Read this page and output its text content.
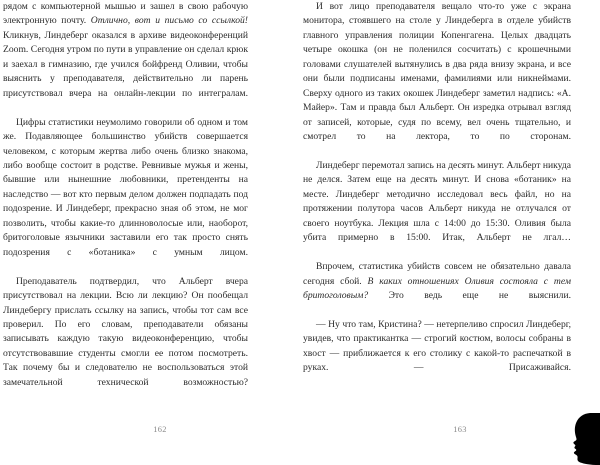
рядом с компьютерной мышью и зашел в свою рабочую электронную почту. Отлично, вот и письмо со ссылкой! Кликнув, Линдеберг оказался в архиве видеоконференций Zoom. Сегодня утром по пути в управление он сделал крюк и заехал в гимназию, где учился бойфренд Оливии, чтобы выяснить у преподавателя, действительно ли парень присутствовал вчера на онлайн-лекции по интегралам.

Цифры статистики неумолимо говорили об одном и том же. Подавляющее большинство убийств совершается человеком, с которым жертва либо очень близко знакома, либо вообще состоит в родстве. Ревнивые мужья и жены, бывшие или нынешние любовники, претенденты на наследство — вот кто первым делом должен подпадать под подозрение. И Линдеберг, прекрасно зная об этом, не мог позволить, чтобы какие-то длинноволосые или, наоборот, бритоголовые язычники заставили его так просто снять подозрения с «ботаника» с умным лицом.

Преподаватель подтвердил, что Альберт вчера присутствовал на лекции. Всю ли лекцию? Он пообещал Линдебергу прислать ссылку на запись, чтобы тот сам все проверил. По его словам, преподаватели обязаны записывать каждую такую видеоконференцию, чтобы отсутствовавшие студенты смогли ее потом посмотреть. Так почему бы и следователю не воспользоваться этой замечательной технической возможностью?

162

И вот лицо преподавателя вещало что-то уже с экрана монитора, стоявшего на столе у Линдеберга в отделе убийств главного управления полиции Копенгагена. Целых двадцать четыре окошка (он не поленился сосчитать) с крошечными головами слушателей вытянулись в два ряда внизу экрана, и все они были подписаны именами, фамилиями или никнеймами. Сверху одного из таких окошек Линдеберг заметил надпись: «А. Майер». Там и правда был Альберт. Он изредка отрывал взгляд от записей, которые, судя по всему, вел очень тщательно, и смотрел то на лектора, то по сторонам.

Линдеберг перемотал запись на десять минут. Альберт никуда не делся. Затем еще на десять минут. И снова «ботаник» на месте. Линдеберг методично исследовал весь файл, но на протяжении полутора часов Альберт никуда не отлучался от своего ноутбука. Лекция шла с 14:00 до 15:30. Оливия была убита примерно в 15:00. Итак, Альберт не лгал…

Впрочем, статистика убийств совсем не обязательно давала сегодня сбой. В каких отношениях Оливия состояла с тем бритоголовым? Это ведь еще не выяснили.

— Ну что там, Кристина? — нетерпеливо спросил Линдеберг, увидев, что практикантка — строгий костюм, волосы собраны в хвост — приближается к его столику с какой-то распечаткой в руках. — Присаживайся.

163
